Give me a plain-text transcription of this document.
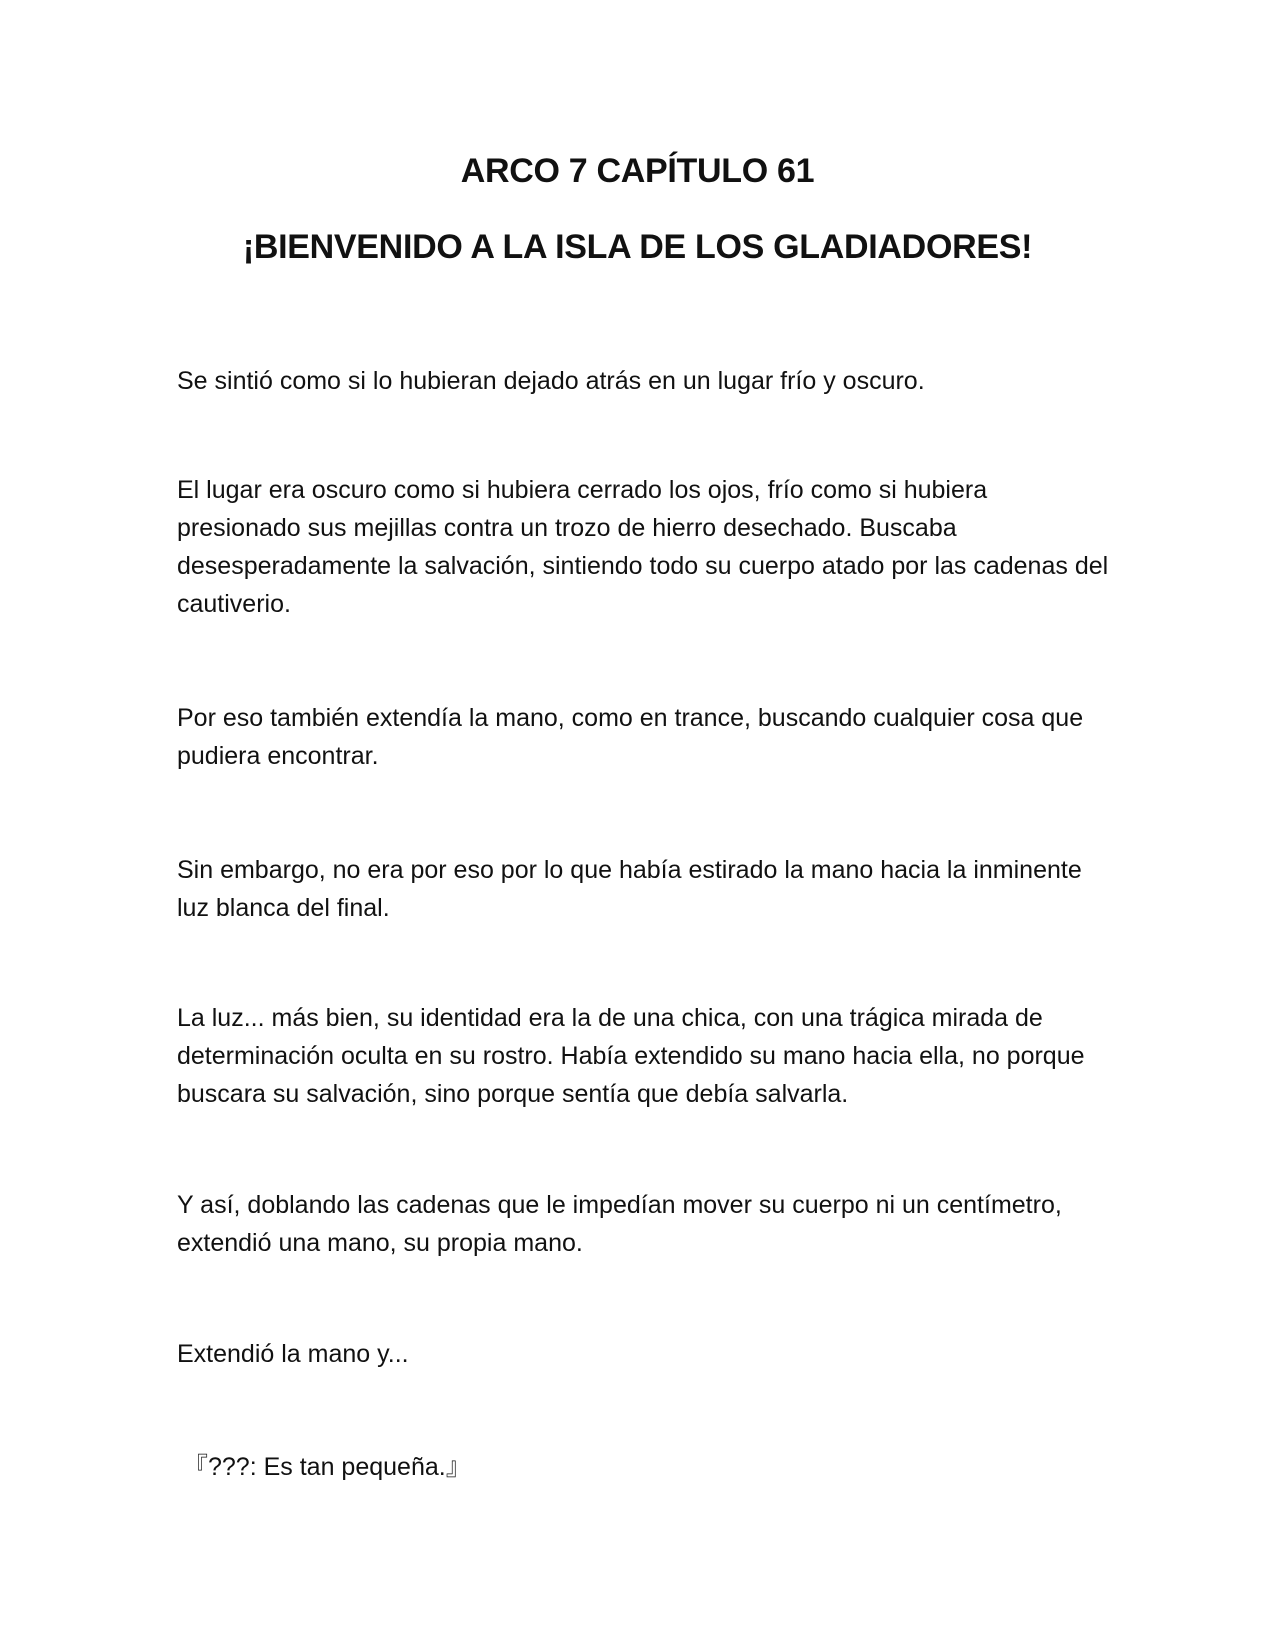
ARCO 7 CAPÍTULO 61
¡BIENVENIDO A LA ISLA DE LOS GLADIADORES!

Se sintió como si lo hubieran dejado atrás en un lugar frío y oscuro.

El lugar era oscuro como si hubiera cerrado los ojos, frío como si hubiera presionado sus mejillas contra un trozo de hierro desechado. Buscaba desesperadamente la salvación, sintiendo todo su cuerpo atado por las cadenas del cautiverio.

Por eso también extendía la mano, como en trance, buscando cualquier cosa que pudiera encontrar.

Sin embargo, no era por eso por lo que había estirado la mano hacia la inminente luz blanca del final.

La luz... más bien, su identidad era la de una chica, con una trágica mirada de determinación oculta en su rostro. Había extendido su mano hacia ella, no porque buscara su salvación, sino porque sentía que debía salvarla.

Y así, doblando las cadenas que le impedían mover su cuerpo ni un centímetro, extendió una mano, su propia mano.

Extendió la mano y...

『???: Es tan pequeña.』
